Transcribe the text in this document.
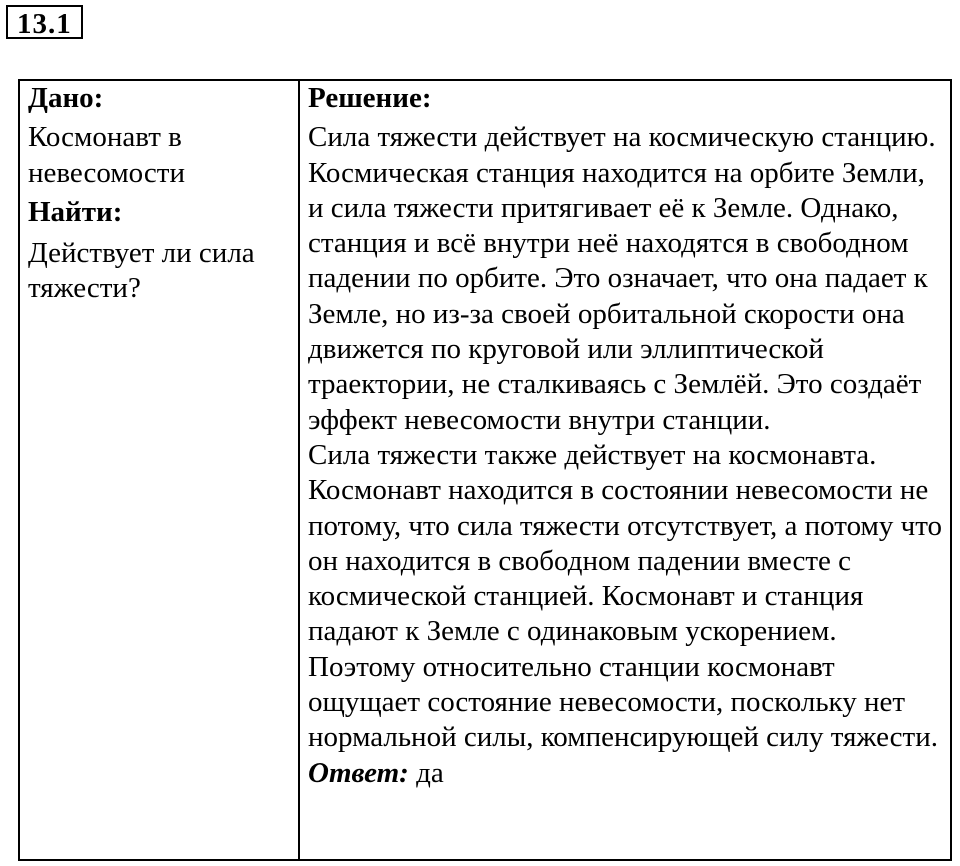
13.1
Дано:
Космонавт в невесомости
Найти:
Действует ли сила тяжести?

Решение:
Сила тяжести действует на космическую станцию. Космическая станция находится на орбите Земли, и сила тяжести притягивает её к Земле. Однако, станция и всё внутри неё находятся в свободном падении по орбите. Это означает, что она падает к Земле, но из-за своей орбитальной скорости она движется по круговой или эллиптической траектории, не сталкиваясь с Землёй. Это создаёт эффект невесомости внутри станции.
Сила тяжести также действует на космонавта. Космонавт находится в состоянии невесомости не потому, что сила тяжести отсутствует, а потому что он находится в свободном падении вместе с космической станцией. Космонавт и станция падают к Земле с одинаковым ускорением. Поэтому относительно станции космонавт ощущает состояние невесомости, поскольку нет нормальной силы, компенсирующей силу тяжести.
Ответ: да
